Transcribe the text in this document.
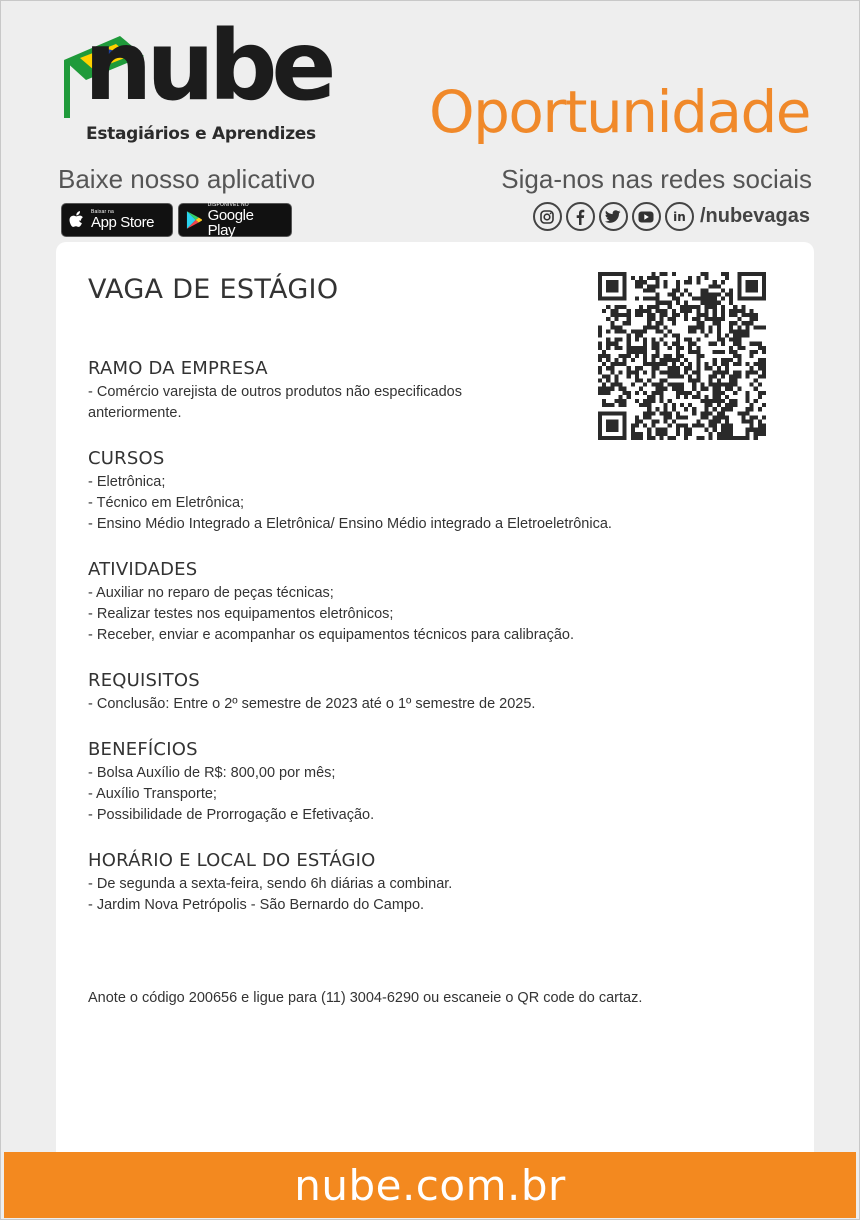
nube
Estagiários e Aprendizes Oportunidade
Baixe nosso aplicativo	Siga-nos nas redes sociais
Baixar na
App Store
DISPONÍVEL NO
Google Play
in /nubevagas
VAGA DE ESTÁGIO
RAMO DA EMPRESA
- Comércio varejista de outros produtos não especificados anteriormente.
CURSOS
- Eletrônica;
- Técnico em Eletrônica;
- Ensino Médio Integrado a Eletrônica/ Ensino Médio integrado a Eletroeletrônica.
ATIVIDADES
- Auxiliar no reparo de peças técnicas;
- Realizar testes nos equipamentos eletrônicos;
- Receber, enviar e acompanhar os equipamentos técnicos para calibração.
REQUISITOS
- Conclusão: Entre o 2º semestre de 2023 até o 1º semestre de 2025.
BENEFÍCIOS
- Bolsa Auxílio de R$: 800,00 por mês;
- Auxílio Transporte;
- Possibilidade de Prorrogação e Efetivação.
HORÁRIO E LOCAL DO ESTÁGIO
- De segunda a sexta-feira, sendo 6h diárias a combinar.
- Jardim Nova Petrópolis - São Bernardo do Campo.
Anote o código 200656 e ligue para (11) 3004-6290 ou escaneie o QR code do cartaz.
nube.com.br
